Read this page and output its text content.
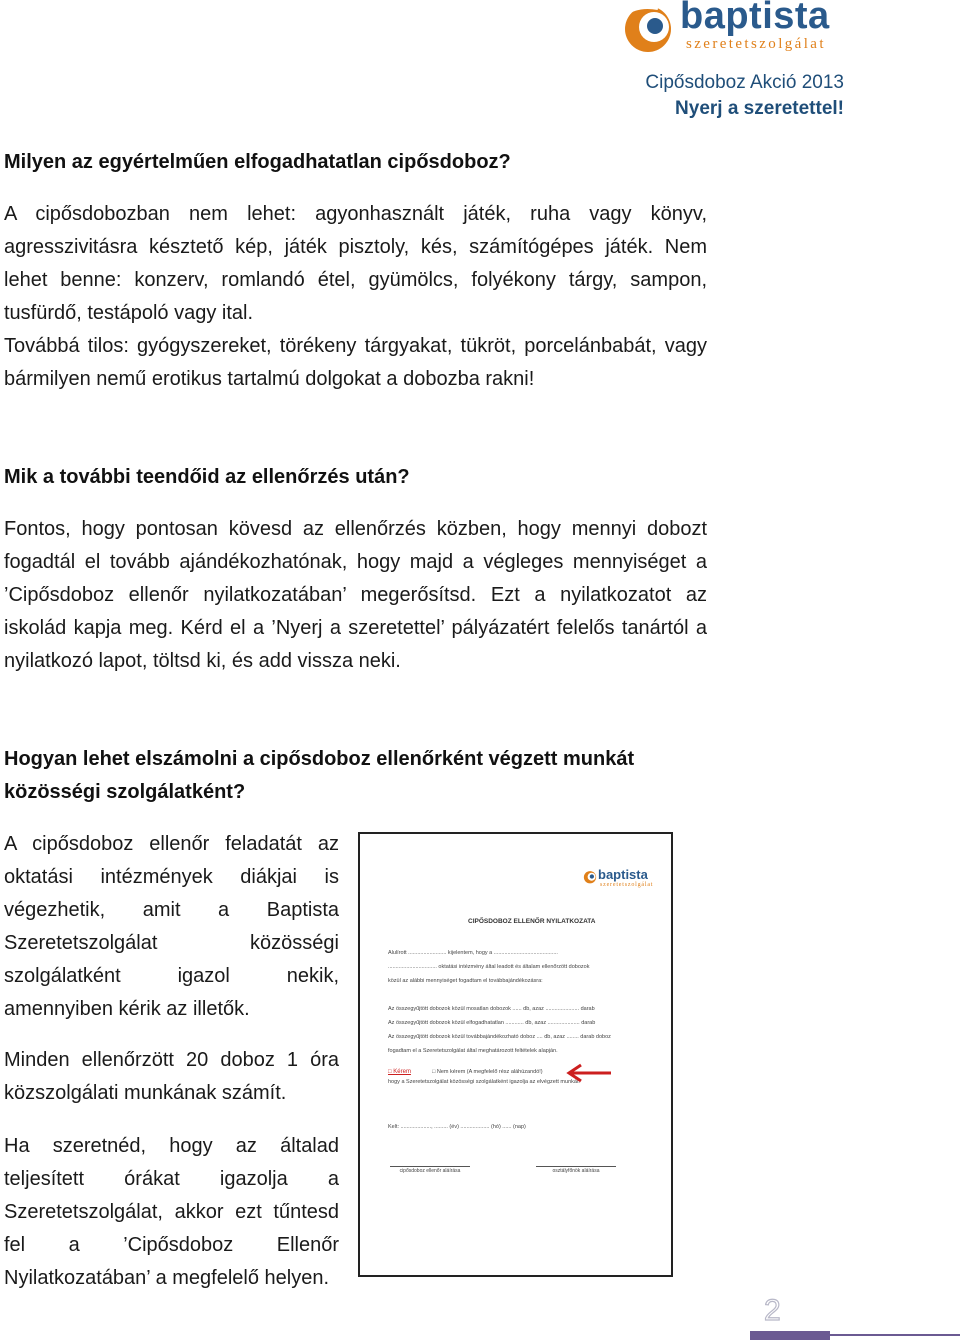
baptista
szeretetszolgálat
Cipősdoboz Akció 2013
Nyerj a szeretettel!
Milyen az egyértelműen elfogadhatatlan cipősdoboz?

A cipősdobozban nem lehet: agyonhasznált játék, ruha vagy könyv, agresszivitásra késztető kép, játék pisztoly, kés, számítógépes játék. Nem lehet benne: konzerv, romlandó étel, gyümölcs, folyékony tárgy, sampon, tusfürdő, testápoló vagy ital.

Továbbá tilos: gyógyszereket, törékeny tárgyakat, tükröt, porcelánbabát, vagy bármilyen nemű erotikus tartalmú dolgokat a dobozba rakni!

Mik a további teendőid az ellenőrzés után?

Fontos, hogy pontosan kövesd az ellenőrzés közben, hogy mennyi dobozt fogadtál el tovább ajándékozhatónak, hogy majd a végleges mennyiséget a ’Cipősdoboz ellenőr nyilatkozatában’ megerősítsd. Ezt a nyilatkozatot az iskolád kapja meg. Kérd el a ’Nyerj a szeretettel’ pályázatért felelős tanártól a nyilatkozó lapot, töltsd ki, és add vissza neki.

Hogyan lehet elszámolni a cipősdoboz ellenőrként végzett munkát közösségi szolgálatként?

A cipősdoboz ellenőr feladatát az oktatási intézmények diákjai is végezhetik, amit a Baptista Szeretetszolgálat közösségi szolgálatként igazol nekik, amennyiben kérik az illetők.

Minden ellenőrzött 20 doboz 1 óra közszolgálati munkának számít.

Ha szeretnéd, hogy az általad teljesített órákat igazolja a Szeretetszolgálat, akkor ezt tűntesd fel a ’Cipősdoboz Ellenőr Nyilatkozatában’ a megfelelő helyen.

baptista
szeretetszolgálat
CIPŐSDOBOZ ELLENŐR NYILATKOZATA
Alulírott ......................... kijelentem, hogy a ..........................................
................................ oktatási intézmény által leadott és általam ellenőrzött dobozok
közül az alábbi mennyiséget fogadtam el továbbajándékozásra:
Az összegyűjtött dobozok közül mosatlan dobozok ...... db, azaz ...................... darab
Az összegyűjtött dobozok közül elfogadhatatlan ............ db, azaz ..................... darab
Az összegyűjtött dobozok közül továbbajándékozható doboz .... db, azaz ........ darab doboz
fogadtam el a Szeretetszolgálat által meghatározott feltételek alapján.
□ Kérem	□ Nem kérem (A megfelelő rész aláhúzandó!)
hogy a Szeretetszolgálat közösségi szolgálatként igazolja az elvégzett munkát.
Kelt: ...................., ......... (év) ................... (hó) ...... (nap)
cipősdoboz ellenőr aláírása	osztályfőnök aláírása
2
